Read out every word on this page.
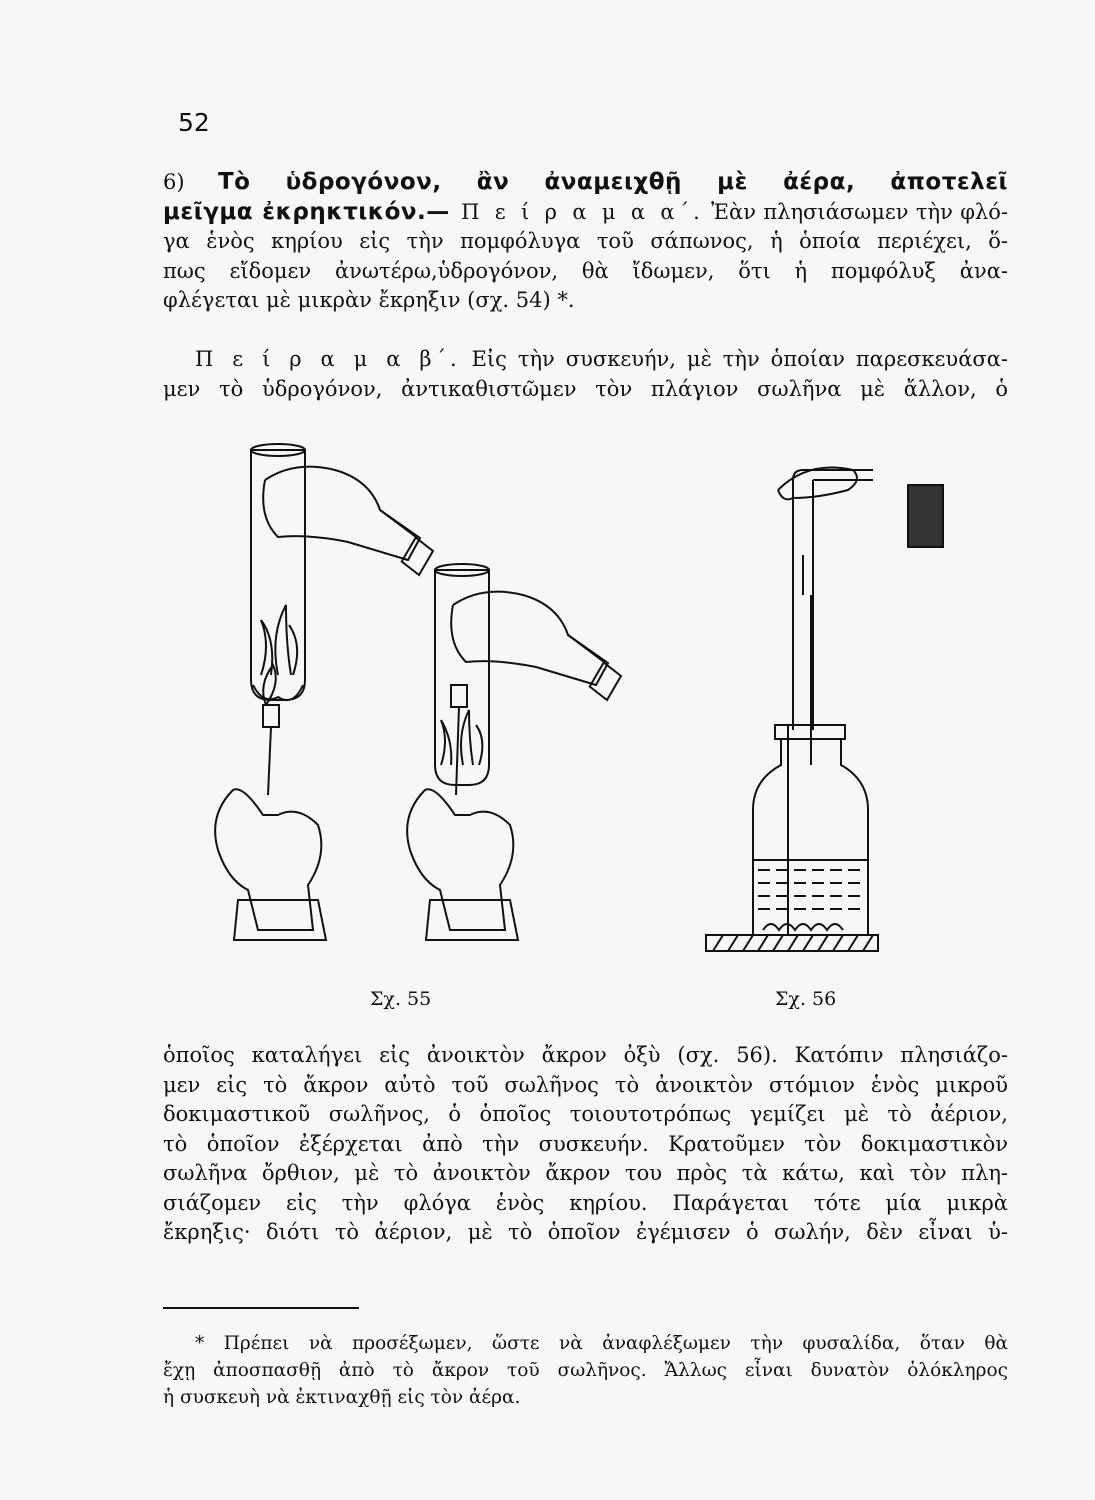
52
6) Τὸ ὑδρογόνον, ἂν ἀναμειχθῇ μὲ ἀέρα, ἀποτελεῖ
μεῖγμα ἐκρηκτικόν.— Π ε ί ρ α μ α α΄. Ἐὰν πλησιάσωμεν τὴν φλό-
γα ἑνὸς κηρίου εἰς τὴν πομφόλυγα τοῦ σάπωνος, ἡ ὁποία περιέχει, ὅ-
πως εἴδομεν ἀνωτέρω,ὑδρογόνον, θὰ ἴδωμεν, ὅτι ἡ πομφόλυξ ἀνα-
φλέγεται μὲ μικρὰν ἔκρηξιν (σχ. 54) *.
Π ε ί ρ α μ α β΄. Εἰς τὴν συσκευήν, μὲ τὴν ὁποίαν παρεσκευάσα-
μεν τὸ ὑδρογόνον, ἀντικαθιστῶμεν τὸν πλάγιον σωλῆνα μὲ ἄλλον, ὁ
Σχ. 55	Σχ. 56
ὁποῖος καταλήγει εἰς ἀνοικτὸν ἄκρον ὀξὺ (σχ. 56). Κατόπιν πλησιάζο-
μεν εἰς τὸ ἄκρον αὐτὸ τοῦ σωλῆνος τὸ ἀνοικτὸν στόμιον ἑνὸς μικροῦ
δοκιμαστικοῦ σωλῆνος, ὁ ὁποῖος τοιουτοτρόπως γεμίζει μὲ τὸ ἀέριον,
τὸ ὁποῖον ἐξέρχεται ἀπὸ τὴν συσκευήν. Κρατοῦμεν τὸν δοκιμαστικὸν
σωλῆνα ὄρθιον, μὲ τὸ ἀνοικτὸν ἄκρον του πρὸς τὰ κάτω, καὶ τὸν πλη-
σιάζομεν εἰς τὴν φλόγα ἑνὸς κηρίου. Παράγεται τότε μία μικρὰ
ἔκρηξις· διότι τὸ ἀέριον, μὲ τὸ ὁποῖον ἐγέμισεν ὁ σωλήν, δὲν εἶναι ὑ-
* Πρέπει νὰ προσέξωμεν, ὥστε νὰ ἀναφλέξωμεν τὴν φυσαλίδα, ὅταν θὰ
ἔχῃ ἀποσπασθῇ ἀπὸ τὸ ἄκρον τοῦ σωλῆνος. Ἄλλως εἶναι δυνατὸν ὁλόκληρος
ἡ συσκευὴ νὰ ἐκτιναχθῇ εἰς τὸν ἀέρα.
